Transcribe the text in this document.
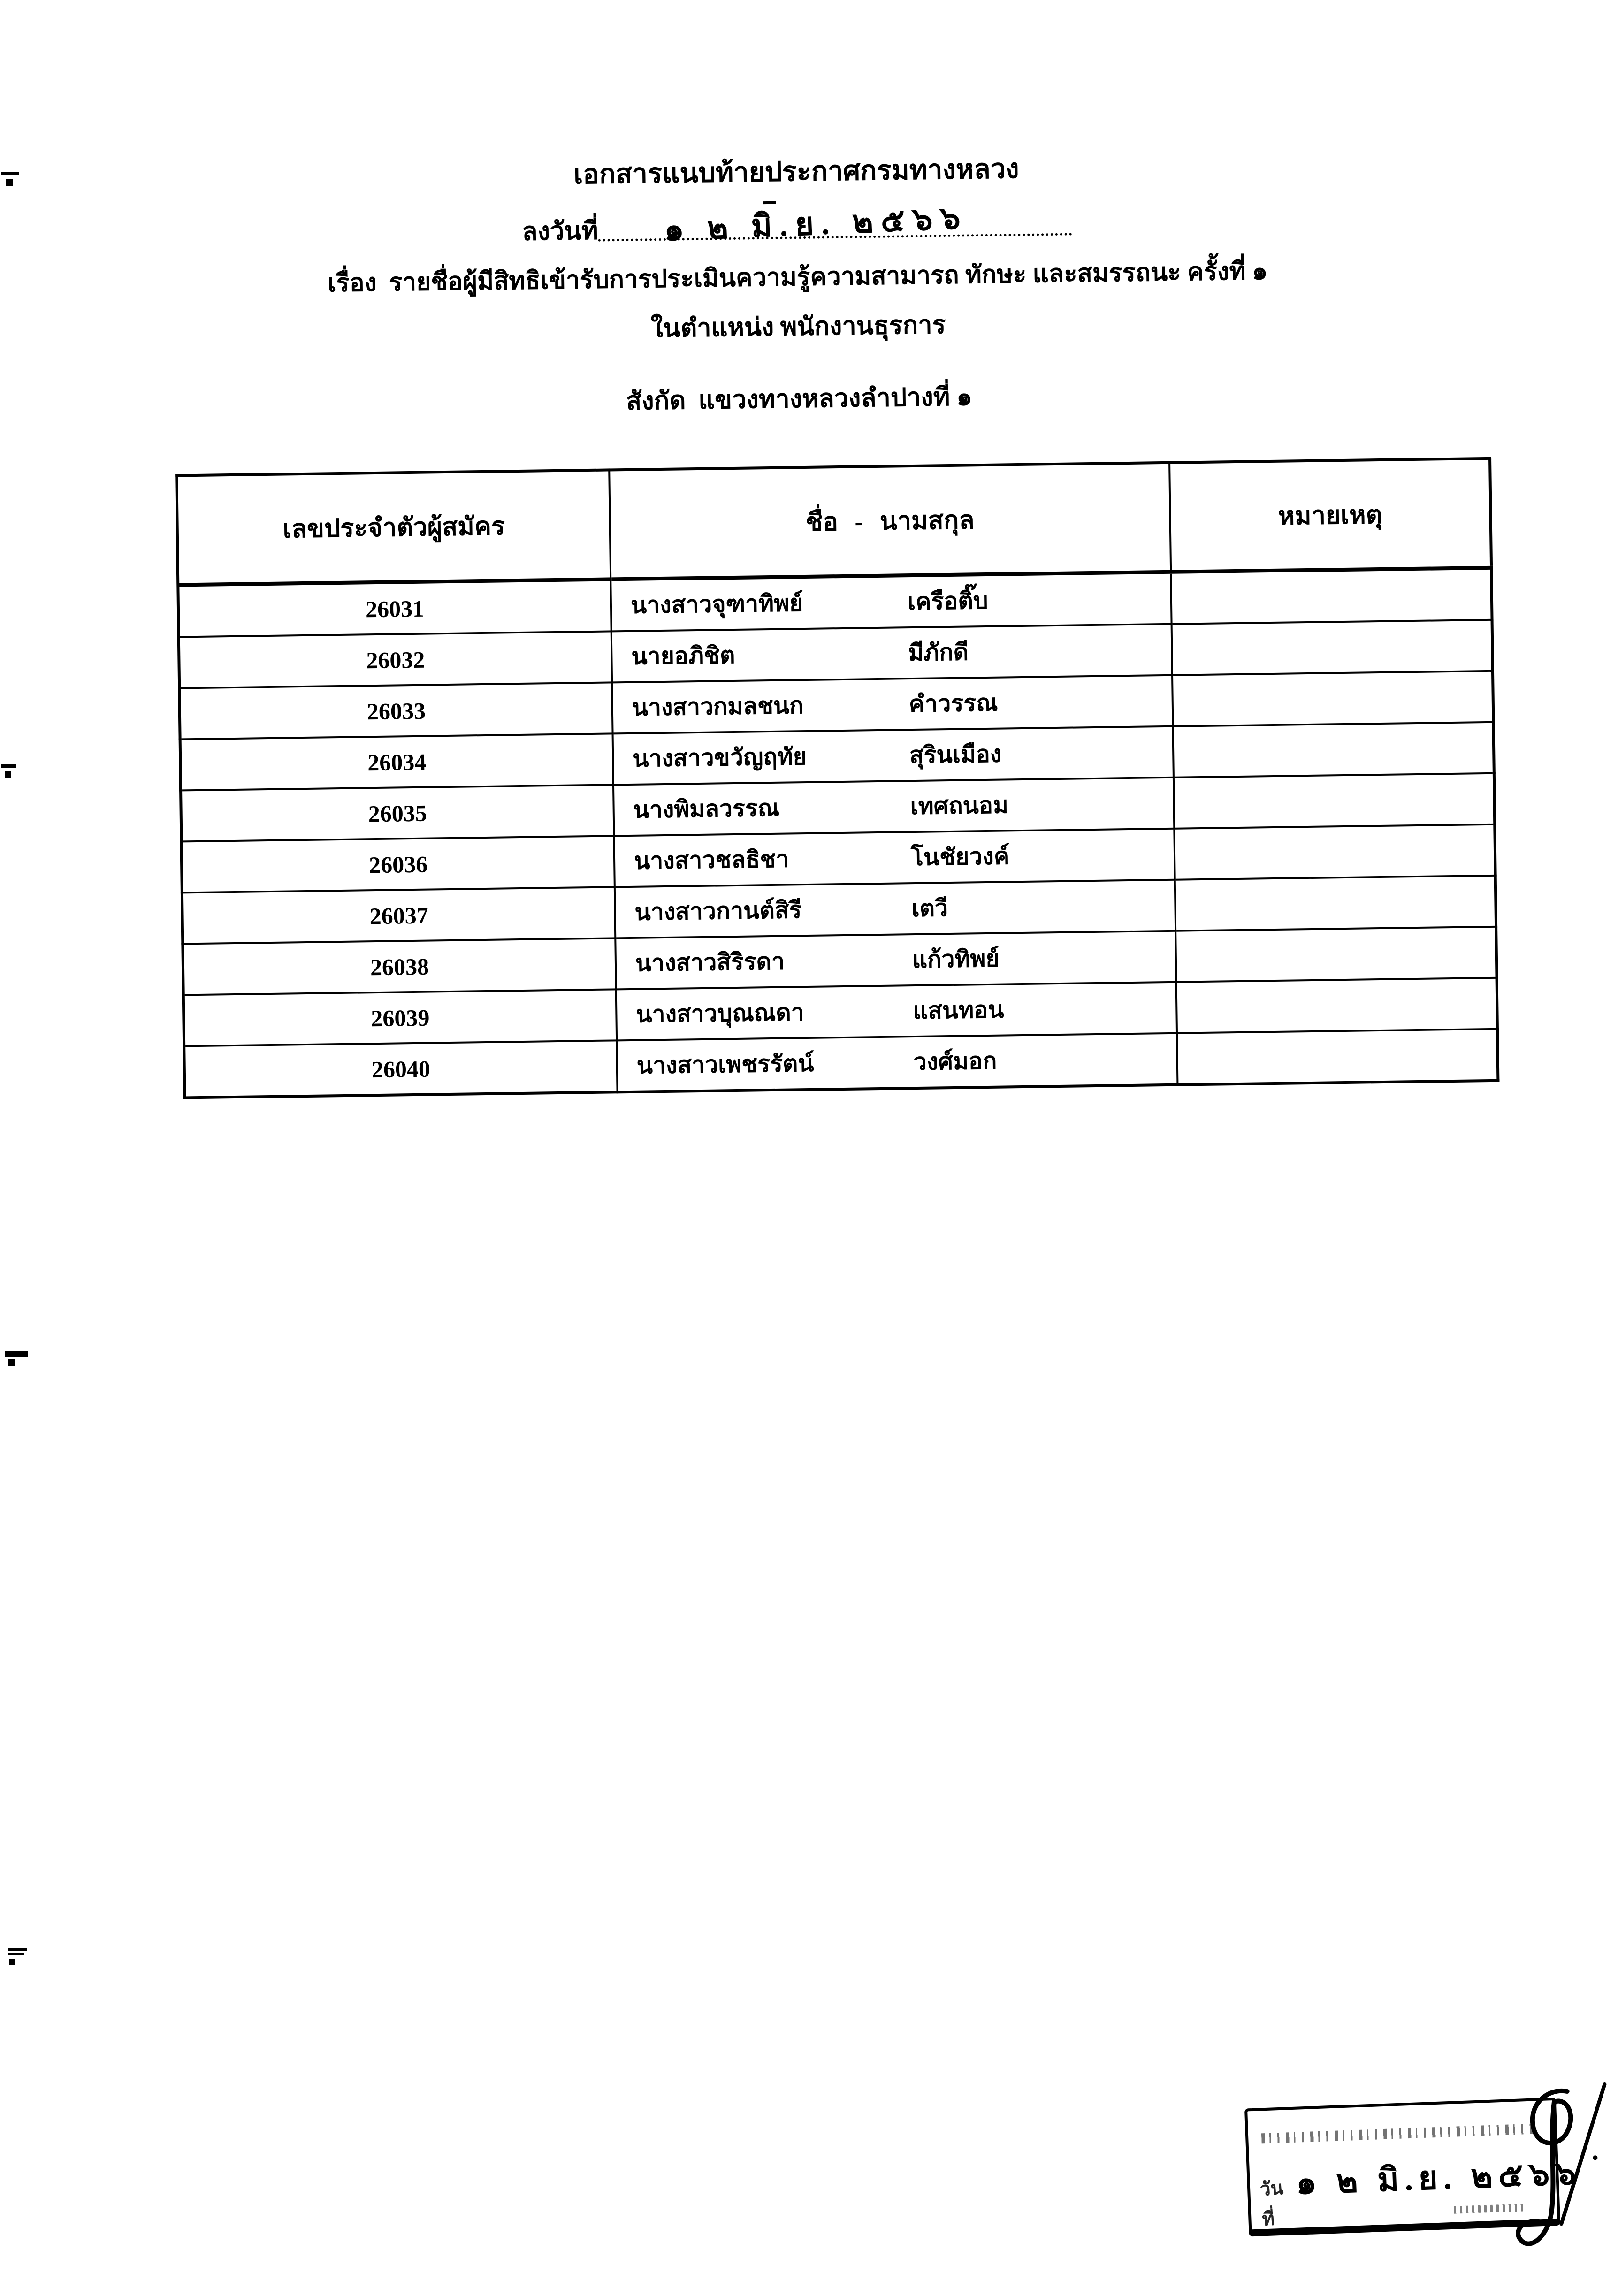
เอกสารแนบท้ายประกาศกรมทางหลวง
ลงวันที่ ๑ ๒ มิ.ย. ๒๕๖๖
เรื่อง  รายชื่อผู้มีสิทธิเข้ารับการประเมินความรู้ความสามารถ ทักษะ และสมรรถนะ ครั้งที่ ๑
ในตำแหน่ง พนักงานธุรการ
สังกัด  แขวงทางหลวงลำปางที่ ๑
เลขประจำตัวผู้สมัคร	ชื่อ - นามสกุล	หมายเหตุ
26031	นางสาวจุฑาทิพย์ เครือติ๊บ	
26032	นายอภิชิต มีภักดี	
26033	นางสาวกมลชนก คำวรรณ	
26034	นางสาวขวัญฤทัย สุรินเมือง	
26035	นางพิมลวรรณ เทศถนอม	
26036	นางสาวชลธิชา โนชัยวงค์	
26037	นางสาวกานต์สิรี เตวี	
26038	นางสาวสิริรดา แก้วทิพย์	
26039	นางสาวบุณณดา แสนทอน	
26040	นางสาวเพชรรัตน์ วงศ์มอก	
วันที่
๑ ๒ มิ.ย. ๒๕๖๖
